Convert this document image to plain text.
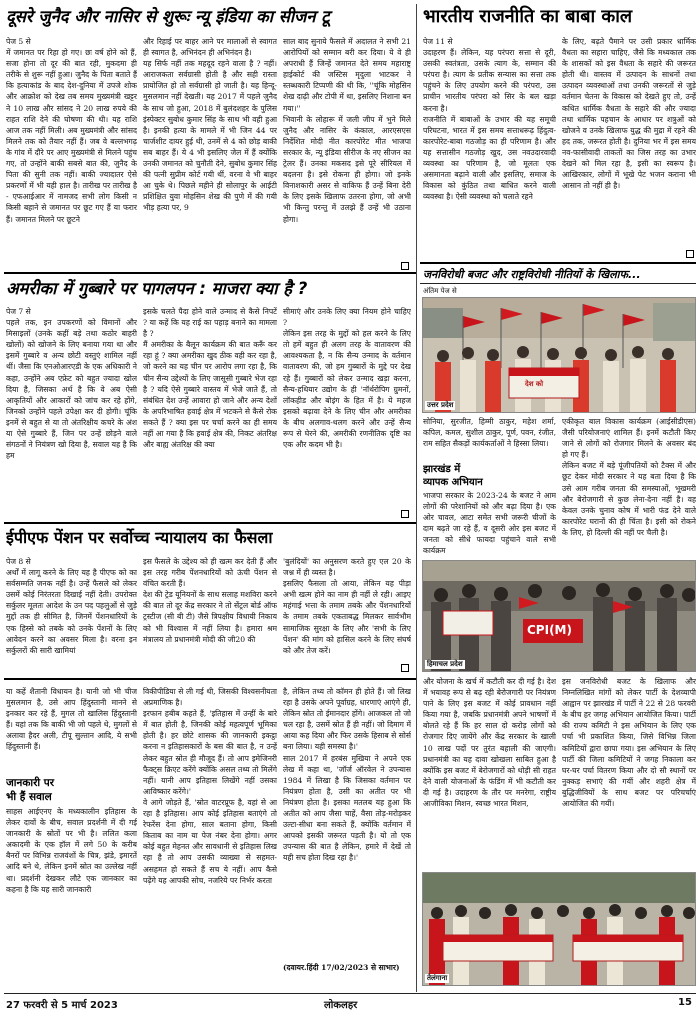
दूसरे जुनैद और नासिर से शुरूः न्यू इंडिया का सीजन टू	भारतीय राजनीति का बाबा काल
पेज 5 से
में जमानत पर रिहा हो गए। छः वर्ष होने को हैं, सजा होना तो दूर की बात रही, मुकदमा ही तरीके से शुरू नहीं हुआ। जुनैद के पिता बताते हैं कि हत्याकांड के बाद देश-दुनिया में उपजे शोक और आक्रोश को देख तब समय मुख्यमंत्री खट्टर ने 10 लाख और सांसद ने 20 लाख रुपये की राहत राशि देने की घोषणा की थी। यह राशि आज तक नहीं मिली। अब मुख्यमंत्री और सांसद मिलने तक को तैयार नहीं हैं। जब वे बल्लभगढ़ के गांव में दौरे पर आए मुख्यमंत्री से मिलने पहुंच गए, तो उन्होंने बाकी सबसे बात की, जुनैद के पिता की सुनी तक नहीं। बाकी ज्यादातर ऐसे प्रकरणों में भी यही हाल है। तारीख पर तारीख है - एफआईआर में नामजद सभी लोग किसी न किसी बहाने से जमानत पर छूट गए हैं या फरार हैं। जमानत मिलने पर छूटने
और रिहाई पर बाहर आने पर मालाओं से स्वागत ही स्वागत है, अभिनंदन ही अभिनंदन है।
यह सिर्फ नहीं तक महदूद रहने वाला है ? नहीं। आराजकता सर्वग्रासी होती है और सही रास्ता प्रायोजित हो तो सर्वग्रासी हो जाती है। यह हिन्दू-मुसलमान नहीं देखती। यह 2017 में पहले जुनैद के साथ जो हुआ, 2018 में बुलंदशहर के पुलिस इंस्पेक्टर सुबोध कुमार सिंह के साथ भी वही हुआ है। इनकी हत्या के मामले में भी जिन 44 पर चार्जशीट दायर हुई थी, उनमें से 4 को छोड़ बाकी सब बाहर हैं। ये 4 भी इसलिए जेल में हैं क्योंकि उनकी जमानत को चुनौती देने, सुबोध कुमार सिंह की पत्नी सुप्रीम कोर्ट गयी थीं, वरना वे भी बाहर आ चुके थे। पिछले महीने ही सोलापुर के आईटी प्रशिक्षित युवा मोहसिन शेख की पुणे में की गयी भीड़ हत्या पर, 9
साल बाद सुनाये फैसले में अदालत ने सभी 21 आरोपियों को सम्मान बरी कर दिया। ये वे ही अपराधी हैं जिन्हें जमानत देते समय महाराष्ट्र हाईकोर्ट की जस्टिस मृदुला भाटकर ने स्तब्धकारी टिप्पणी की थी कि, ''चूंकि मोहसिन शेख दाढ़ी और टोपी में था, इसलिए निशाना बन गया।''
भिवानी के लोहारू में जली जीप में भुने मिले जुनैद और नासिर के कंकाल, आरएसएस निर्देशित मोदी नीत कारपोरेट मीत भाजपा सरकार के, न्यू इंडिया सीरीज के नए सीजन का ट्रेलर हैं। उनका मकसद इसे पूरे सीरियल में बदलना है। इसे रोकना ही होगा। जो इनके विनाशकारी असर से वाकिफ हैं उन्हें बिना देरी के लिए इसके खिलाफ उतरना होगा, जो अभी भी किन्तु परन्तु में उलझे हैं उन्हें भी उठाना होगा।
पेज 11 से
उदाहरण हैं। लेकिन, यह परंपरा सत्ता से दूरी, उसकी स्वतंत्रता, उसके त्याग के, सम्मान की परंपरा है। त्याग के प्रतीक सन्यास का सत्ता तक पहुंचने के लिए उपयोग करने की परंपरा, उस प्राचीन भारतीय परंपरा को सिर के बल खड़ा करना है।
राजनीति में बाबाओं के उभार की यह समूची परिघटना, भारत में इस समय सत्ताधरूढ़ हिंदुत्व-कारपोरेट-बाबा गठजोड़ का ही परिणाम है। और यह सत्तासीन गठजोड़ खुद, उस नवउदारवादी व्यवस्था का परिणाम है, जो मूलतः एक असमानता बढ़ाने वाली और इसलिए, समाज के विकास को कुंठित तथा बाधित करने वाली व्यवस्था है। ऐसी व्यवस्था को चलाते रहने
के लिए, बढ़ते पैमाने पर उसी प्रकार धार्मिक वैधता का सहारा चाहिए, जैसे कि मध्यकाल तक के शासकों को इस वैधता के सहारे की जरूरत होती थी। वास्तव में उत्पादन के साधनों तथा उत्पादन व्यवस्थाओं तथा उनकी जरूरतों से जुड़े वर्तमान चेतना के विकास को देखते हुए तो, उन्हें कथित धार्मिक वैधता के सहारे की और ज्यादा तथा धार्मिक पहचान के आधार पर शत्रुओं को खोजने व उनके खिलाफ युद्ध की मुद्रा में रहने की हद तक, जरूरत होती है। दुनिया भर में इस समय नव-फासीवादी ताकतों का जिस तरह का उभार देखने को मिल रहा है, इसी का स्वरूप है। आखिरकार, लोगों में भूखे पेट भजन कराना भी आसान तो नहीं ही है।
अमरीका में गुब्बारे पर पागलपन : माजरा क्या है ?
पेज 7 से
पहले तक, इन उपकरणों को विमानों और मिसाइलों (उनके कहीं बड़े तथा कठोर बाहरी खोलों) को खोजने के लिए बनाया गया था और इसमें गुब्बारे व अन्य छोटी वस्तुएं शामिल नहीं थीं। जैसा कि एनओआरएडी के एक अधिकारी ने कहा, उन्होंने अब एफ्रेट को बहुत ज्यादा खोल दिया है, जिसका अर्थ है कि वे अब ऐसी आकृतियों और आकारों को जांच कर रहे होंगे, जिनको उन्होंने पहले उपेक्षा कर दी होगी। चूंकि इनमें से बहुत से या तो अंतरिक्षीय कचरे के अंश या ऐसे गुब्बारे हैं, जिन पर उन्हें छोड़ने वाले संगठनों ने नियंत्रण खो दिया है, सवाल यह है कि हम
इसके चलते पैदा होने वाले उन्माद से कैसे निपटें ? या कहें कि यह राई का पहाड़ बनाने का मामला है ?
मैं अमरीका के बैलून कार्यक्रम की बात करूँ कर रहा हूं ? क्या अमरीका खुद ठीक वही कर रहा है, जो करने का यह चीन पर आरोप लगा रहा है, कि चीन सैन्य उद्देश्यों के लिए जासूसी गुब्बारे भेज रहा है ? यदि ऐसे गुब्बारे वास्तव में भेजे जाते हैं, तो संबंधित देश उन्हें आवारा हो जाने और अन्य देशों के अपरिभाषित हवाई क्षेत्र में भटकने से कैसे रोक सकते हैं ? क्या इस पर चर्चा करने का ही समय नहीं आ गया है कि हवाई क्षेत्र की, निकट अंतरिक्ष और बाह्य अंतरिक्ष की क्या
सीमाएं और उनके लिए क्या नियम होने चाहिए ?
लेकिन इस तरह के मुद्दों को हल करने के लिए तो हमें बहुत ही अलग तरह के वातावरण की आवश्यकता है, न कि सैन्य उन्माद के वर्तमान वातावरण की, जो हम गुब्बारों के मुद्दे पर देख रहे हैं। गुब्बारों को लेकर उन्माद खड़ा करना, सैन्य-हथियार उद्योग के ही 'नॉर्थरोपिग ग्रुमनों, लॉकहीड और बोइंग के हित में है। ये महज इसको बढ़ावा देने के लिए चीन और अमरीका के बीच अलगाव-थलग करने और उन्हें सैन्य रूप से घेरने की, अमरीकी रणनीतिक दृष्टि का एक और कदम भी है।
ईपीएफ पेंशन पर सर्वोच्च न्यायालय का फैसला
पेज 8 से
अर्थों में लागू करने के लिए यह है पीएफ को का सर्वसम्मति जनक नहीं है। उन्हें फैसले को लेकर उसमें कोई निरंतरता दिखाई नहीं देती। उपरोक्त सर्कुलर मूलतः आदेश के उन पद पहलुओं से जुड़े मुद्दों तक ही सीमित है, जिनमें पेंशनधारियों के एक हिस्से को तबके को उनके पेंशनों के लिए आवेदन करने का अवसर मिला है। वरना इन सर्कुलरों की सारी खामियां
इस फैसले के उद्देश्य को ही खत्म कर देती हैं और इस तरह गरीब पेंशनधारियों को ऊंची पेंशन से वंचित करती हैं।
देश की ट्रेड यूनियनों के साथ सलाह मशविरा करने की बात तो दूर केंद्र सरकार ने तो सेंट्रल बोर्ड ऑफ ट्रस्टीज (सी बी टी) जैसे त्रिपक्षीय विधायी निकाय को भी विश्वास में नहीं लिया है। हमारा श्रम मंत्रालय तो प्रधानमंत्री मोदी की जी20 की
'बुलंदियों' का अनुसरण करते हुए एल 20 के जश्न में ही व्यस्त है।
इसलिए फैसला तो आया, लेकिन यह पीड़ा अभी खत्म होने का नाम ही नहीं ले रही। आइए महंगाई भत्ता के तमाम तबके और पेंशनधारियों के तमाम तबके एकताबद्ध मिलकर सार्वभौम सामाजिक सुरक्षा के लिए और 'सभी के लिए पेंशन' की मांग को हासिल करने के लिए संघर्ष को और तेज करें।
या कहें शैतानी विधायन है। यानी जो भी चीज मुसलमान है, उसे आप हिंदुस्तानी मानने से इनकार कर रहे हैं, मुगल तो खालिस हिंदुस्तानी हैं। यहां तक कि बाकी भी जो पहले थे, मुगलों से अलावा हैदर अली, टीपू सुल्तान आदि, ये सभी हिंदुस्तानी हैं।
जानकारी पर
भी हैं सवाल
साहस आईएनए के मध्यकालीन इतिहास के लेकर दावों के बीच, सवाल प्रदर्शनी में दी गई जानकारी के स्रोतों पर भी है। ललित कला अकादमी के एक हॉल में लगे 50 के करीब बैनरों पर विभिन्न राजवंशों के चित्र, झंडे, इमारतें आदि बने थे, लेकिन इनमें स्रोत का उल्लेख नहीं था। प्रदर्शनी देखकर लौटे एक जानकार का कहना है कि यह सारी जानकारी
विकीपीडिया से ली गई थी, जिसकी विश्वसनीयता अप्रमाणिक है।
इरफान हबीब कहते हैं, 'इतिहास में उन्हीं के बारे में बात होती है, जिनकी कोई महत्वपूर्ण भूमिका होती है। हर छोटे शासक की जानकारी इकट्ठा करना न इतिहासकारों के बस की बात है, न उन्हें लेकर बहुत स्रोत ही मौजूद हैं। तो आप इमेजिनरी फैक्ट्स क्रिएट करेंगे क्योंकि असल तथ्य तो मिलेंगे नहीं। यानी आप इतिहास लिखेंगे नहीं उसका आविष्कार करेंगे।'
वे आगे जोड़ते हैं, 'स्रोत वाटरप्रूफ है, वहां से आ रहा है इतिहास। आप कोई इतिहास बताएंगे तो रेफरेंस देना होगा, साल बताना होगा, किसी किताब का नाम या पेज नंबर देना होगा। अगर कोई बहुत मेहनत और सावधानी से इतिहास लिख रहा है तो आप उसकी व्याख्या से सहमत-असहमत हो सकते हैं सच ये नहीं। आप कैसे पढ़ेंगे यह आपकी सोच, नजरिये पर निर्भर करता
है, लेकिन तथ्य तो कॉमन ही होते हैं। जो लिख रहा है उसके अपने पूर्वाग्रह, धारणाएं आएंगे ही, लेकिन स्रोत तो ईमानदार होंगे। आजकल तो जो चल रहा है, उसमें स्रोत हैं ही नहीं। जो दिमाग में आया कह दिया और फिर उसके हिसाब से सोर्स बना लिया। यही समस्या है।'
साल 2017 में हरबंस मुखिया ने अपने एक लेख में कहा था, 'जॉर्ज ऑरवेल ने उपन्यास 1984 में लिखा है कि जिसका वर्तमान पर नियंत्रण होता है, उसी का अतीत पर भी नियंत्रण होता है। इसका मतलब यह हुआ कि अतीत को आप जैसा चाहें, वैसा तोड़-मरोड़कर उल्टा-सीधा बना सकते हैं, क्योंकि वर्तमान में आपको इसकी जरूरत पड़ती है। यो तो एक उपन्यास की बात है लेकिन, हमारे में देखें तो यही सच होता दिख रहा है।'
(दवायर.हिंदी 17/02/2023 से साभार)
जनविरोधी बजट और राष्ट्रविरोधी नीतियों के खिलाफ...
अंतिम पेज से
देश को
उत्तर प्रदेश
सोनिया, सुरजीत, हिम्मी ठाकुर, महेश शर्मा, कपिल, कमल, सुशील ठाकुर, पूर्ण, पवन, रंजीत, राम सहित सैकड़ों कार्यकर्ताओं ने हिस्सा लिया।
झारखंड में
व्यापक अभियान
भाजपा सरकार के 2023-24 के बजट ने आम लोगों की परेशानियों को और बढ़ा दिया है। एक ओर चावल, आटा समेत सभी जरूरी चीजों के दाम बढ़ते जा रहे हैं, व दूसरी ओर इस बजट में जनता को सीधे फायदा पहुंचाने वाले सभी कार्यक्रम
एकीकृत बाल विकास कार्यक्रम (आईसीडीएस) जैसी परियोजनाएं शामिल हैं। इनमें कटौती किए जाने से लोगों को रोजगार मिलने के अवसर बंद हो गए हैं।
लेकिन बजट में बड़े पूंजीपतियों को टैक्स में और छूट देकर मोदी सरकार ने यह बता दिया है कि उसे आम गरीब जनता की समस्याओं, भूखमरी और बेरोजगारी से कुछ लेना-देना नहीं है। वह केवल उनके चुनाव कोष में भारी फंड देने वाले कारपोरेट घरानों की ही चिंता है। इसी को रोकने के लिए, हो दिल्ली की नहीं पर चैली है।
CPI(M)
हिमाचल प्रदेश
और योजना के खर्च में कटौती कर दी गई है। देश में भयावह रूप से बढ़ रही बेरोजगारी पर नियंत्रण पाने के लिए इस बजट में कोई प्रावधान नहीं किया गया है, जबकि प्रधानमंत्री अपने भाषणों में बोलते रहे हैं कि हर साल दो करोड़ लोगों को रोजगार दिए जायेंगे और केंद्र सरकार के खाली 10 लाख पदों पर तुरंत बहाली की जाएगी। प्रधानमंत्री का यह दावा खोखला साबित हुआ है क्योंकि इस बजट में बेरोजगारों को थोड़ी सी राहत देने वाली योजनाओं के फंडिंग में भी कटौती कर दी गई है। उदाहरण के तौर पर मनरेगा, राष्ट्रीय आजीविका मिशन, स्वच्छ भारत मिशन,
इस जनविरोधी बजट के खिलाफ और निम्नलिखित मांगों को लेकर पार्टी के देशव्यापी आह्वान पर झारखंड में पार्टी ने 22 से 28 फरवरी के बीच हर जगह अभियान आयोजित किया। पार्टी की राज्य कमिटी ने इस अभियान के लिए एक पर्चा भी प्रकाशित किया, जिसे विभिन्न जिला कमिटियों द्वारा छापा गया। इस अभियान के लिए पार्टी की जिला कमिटियों ने जगह निकाला कर घर-घर पर्चा वितरण किया और दो सौ स्थानों पर नुक्कड़ सभाएं की गयीं और शहरी क्षेत्र में बुद्धिजीवियों के साथ बजट पर परिचर्चाएं आयोजित की गयीं।
तेलंगाना
27 फरवरी से 5 मार्च 2023	लोकलहर	15
